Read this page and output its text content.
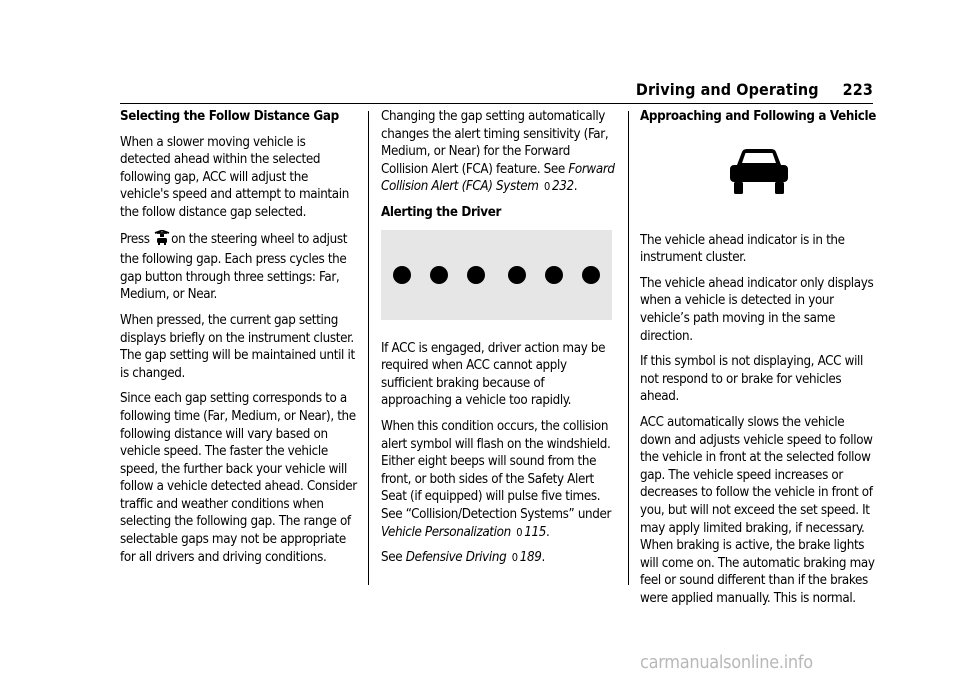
Driving and Operating 223
Selecting the Follow Distance Gap

When a slower moving vehicle is detected ahead within the selected following gap, ACC will adjust the vehicle's speed and attempt to maintain the follow distance gap selected.

Press on the steering wheel to adjust the following gap. Each press cycles the gap button through three settings: Far, Medium, or Near.

When pressed, the current gap setting displays briefly on the instrument cluster. The gap setting will be maintained until it is changed.

Since each gap setting corresponds to a following time (Far, Medium, or Near), the following distance will vary based on vehicle speed. The faster the vehicle speed, the further back your vehicle will follow a vehicle detected ahead. Consider traffic and weather conditions when selecting the following gap. The range of selectable gaps may not be appropriate for all drivers and driving conditions.

Changing the gap setting automatically changes the alert timing sensitivity (Far, Medium, or Near) for the Forward Collision Alert (FCA) feature. See Forward Collision Alert (FCA) System 0 232.

Alerting the Driver

If ACC is engaged, driver action may be required when ACC cannot apply sufficient braking because of approaching a vehicle too rapidly.

When this condition occurs, the collision alert symbol will flash on the windshield. Either eight beeps will sound from the front, or both sides of the Safety Alert Seat (if equipped) will pulse five times. See “Collision/Detection Systems” under Vehicle Personalization 0 115.

See Defensive Driving 0 189.

Approaching and Following a Vehicle

The vehicle ahead indicator is in the instrument cluster.

The vehicle ahead indicator only displays when a vehicle is detected in your vehicle’s path moving in the same direction.

If this symbol is not displaying, ACC will not respond to or brake for vehicles ahead.

ACC automatically slows the vehicle down and adjusts vehicle speed to follow the vehicle in front at the selected follow gap. The vehicle speed increases or decreases to follow the vehicle in front of you, but will not exceed the set speed. It may apply limited braking, if necessary. When braking is active, the brake lights will come on. The automatic braking may feel or sound different than if the brakes were applied manually. This is normal.

carmanualsonline.info
